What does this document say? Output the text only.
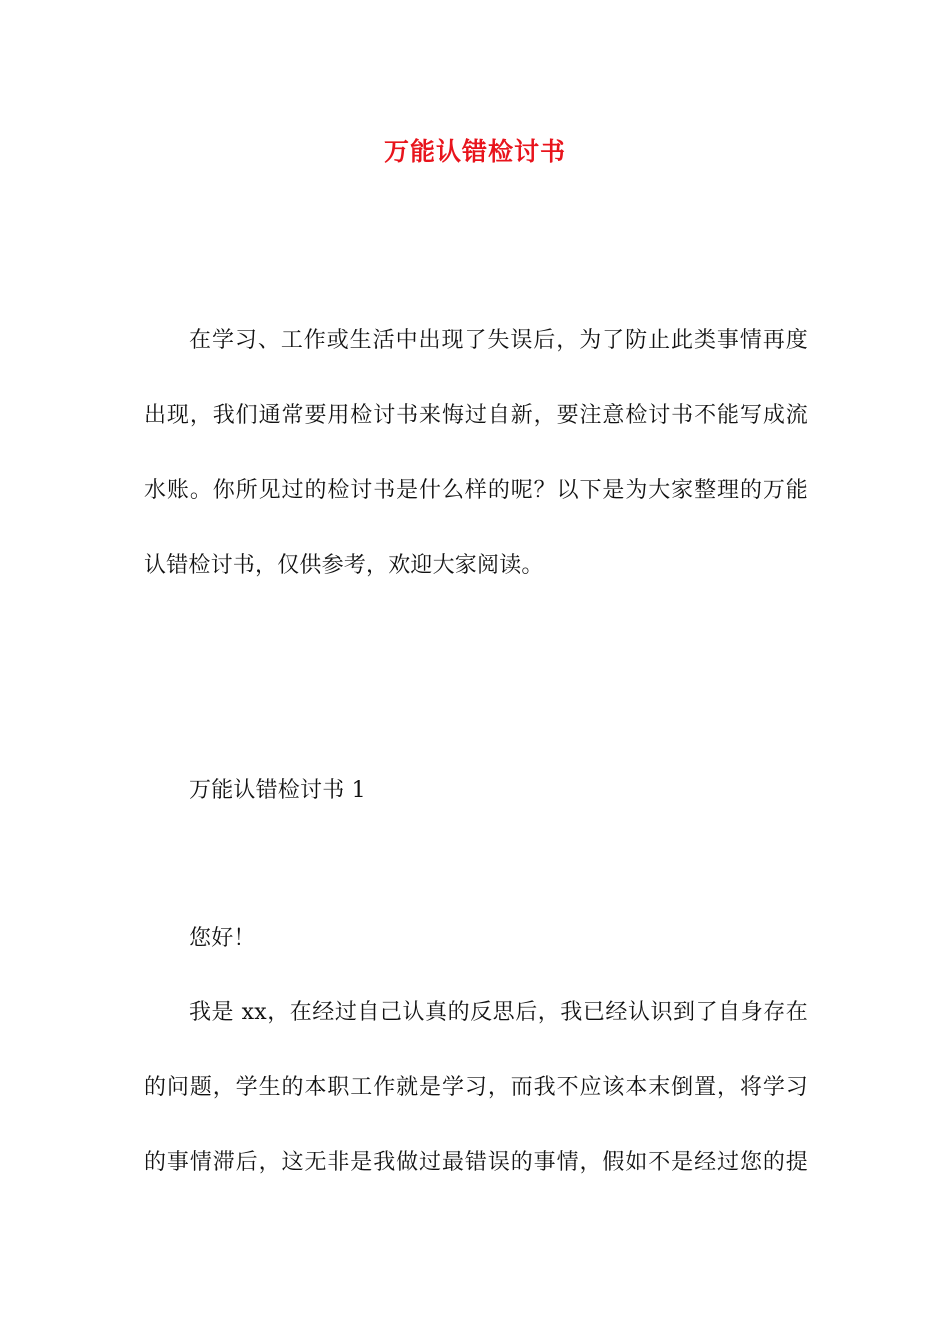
万能认错检讨书
在学习、工作或生活中出现了失误后，为了防止此类事情再度
出现，我们通常要用检讨书来悔过自新，要注意检讨书不能写成流
水账。你所见过的检讨书是什么样的呢？以下是为大家整理的万能
认错检讨书，仅供参考，欢迎大家阅读。
万能认错检讨书 1
您好！
我是 xx，在经过自己认真的反思后，我已经认识到了自身存在
的问题，学生的本职工作就是学习，而我不应该本末倒置，将学习
的事情滞后，这无非是我做过最错误的事情，假如不是经过您的提
